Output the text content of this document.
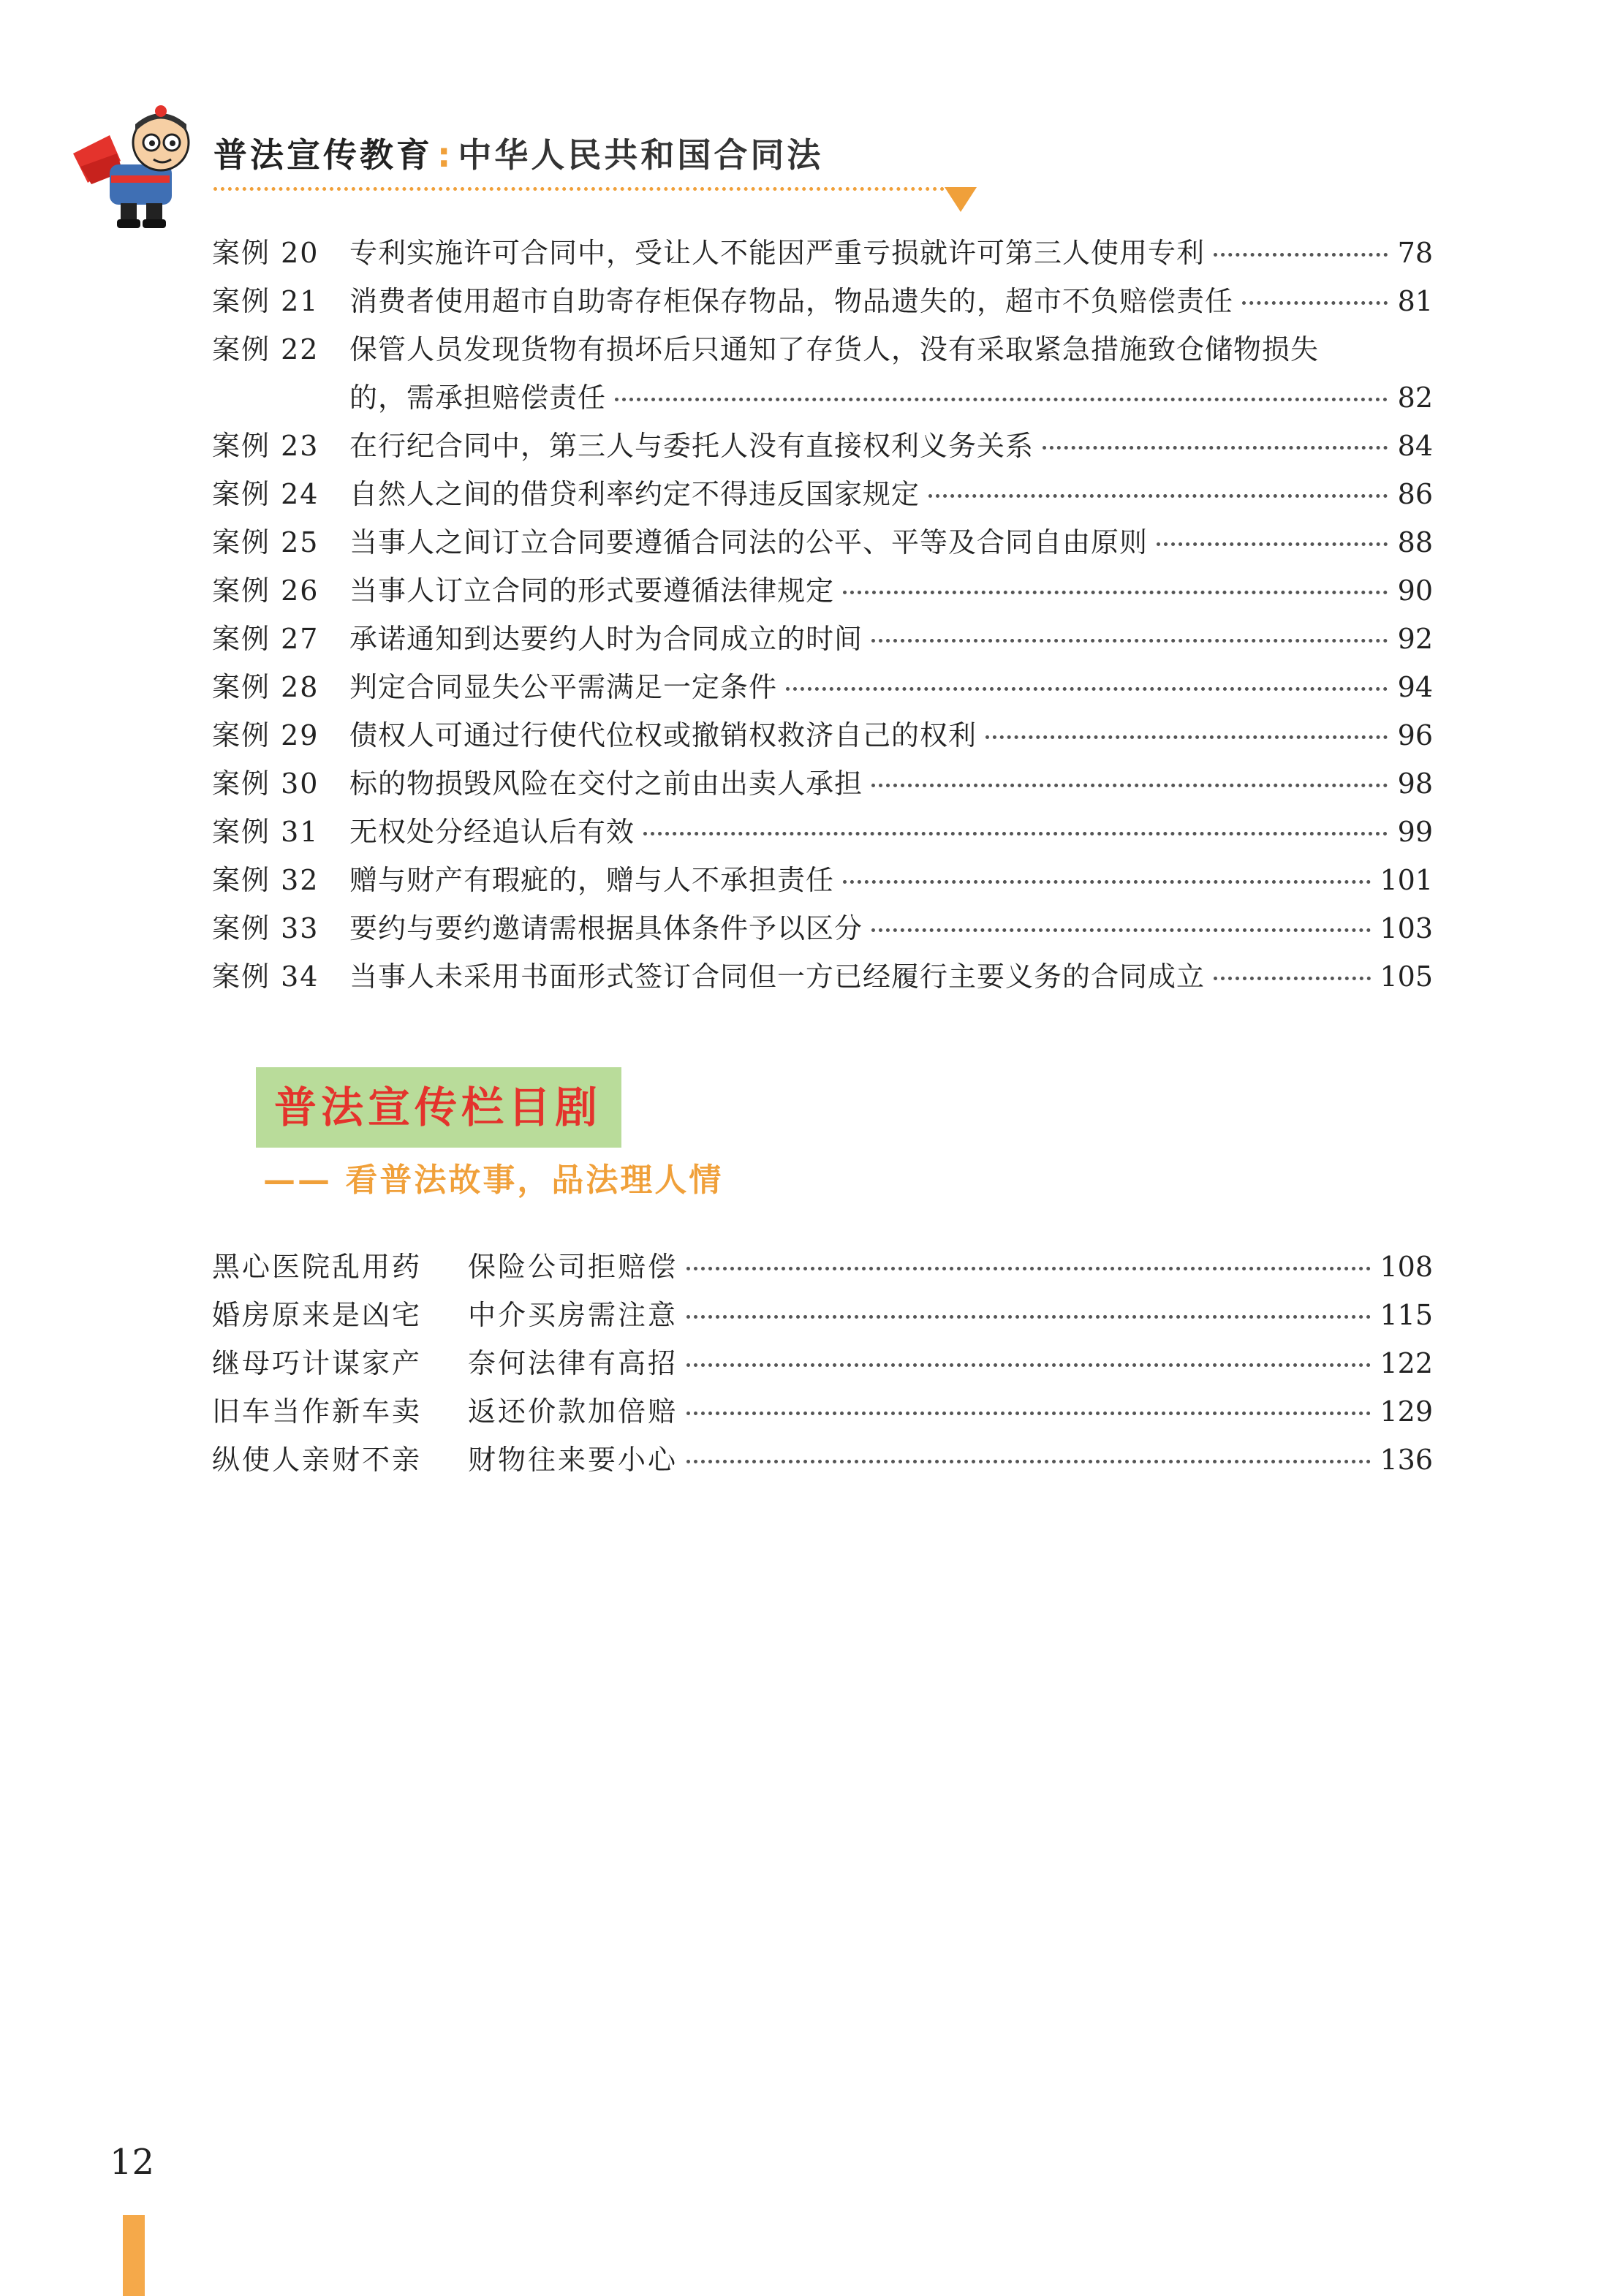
普法宣传教育 : 中华人民共和国合同法
案例 20	专利实施许可合同中，受让人不能因严重亏损就许可第三人使用专利	78
案例 21	消费者使用超市自助寄存柜保存物品，物品遗失的，超市不负赔偿责任	81
案例 22	保管人员发现货物有损坏后只通知了存货人，没有采取紧急措施致仓储物损失
的，需承担赔偿责任	82
案例 23	在行纪合同中，第三人与委托人没有直接权利义务关系	84
案例 24	自然人之间的借贷利率约定不得违反国家规定	86
案例 25	当事人之间订立合同要遵循合同法的公平、平等及合同自由原则	88
案例 26	当事人订立合同的形式要遵循法律规定	90
案例 27	承诺通知到达要约人时为合同成立的时间	92
案例 28	判定合同显失公平需满足一定条件	94
案例 29	债权人可通过行使代位权或撤销权救济自己的权利	96
案例 30	标的物损毁风险在交付之前由出卖人承担	98
案例 31	无权处分经追认后有效	99
案例 32	赠与财产有瑕疵的，赠与人不承担责任	101
案例 33	要约与要约邀请需根据具体条件予以区分	103
案例 34	当事人未采用书面形式签订合同但一方已经履行主要义务的合同成立	105
普法宣传栏目剧
—— 看普法故事，品法理人情
黑心医院乱用药	保险公司拒赔偿	108
婚房原来是凶宅	中介买房需注意	115
继母巧计谋家产	奈何法律有高招	122
旧车当作新车卖	返还价款加倍赔	129
纵使人亲财不亲	财物往来要小心	136
12
